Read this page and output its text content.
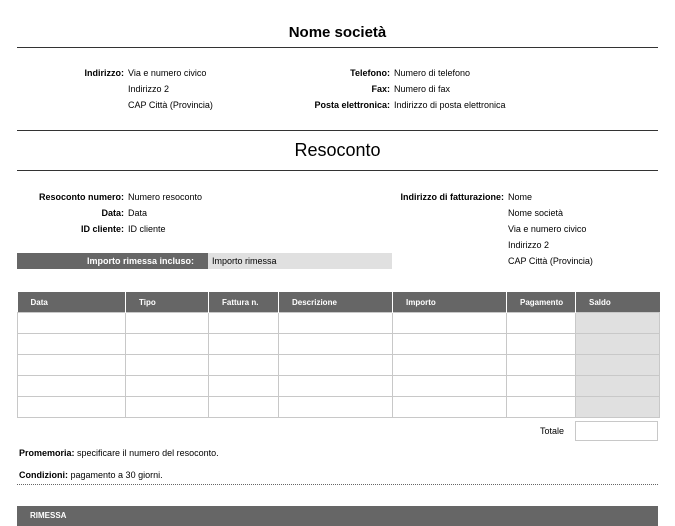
Nome società
Indirizzo: Via e numero civico
Indirizzo 2
CAP Città (Provincia)
Telefono: Numero di telefono
Fax: Numero di fax
Posta elettronica: Indirizzo di posta elettronica
Resoconto
Resoconto numero: Numero resoconto
Data: Data
ID cliente: ID cliente
Indirizzo di fatturazione: Nome
Nome società
Via e numero civico
Indirizzo 2
CAP Città (Provincia)
Importo rimessa incluso:	Importo rimessa
Data	Tipo	Fattura n.	Descrizione	Importo	Pagamento	Saldo

Totale
Promemoria: specificare il numero del resoconto.
Condizioni: pagamento a 30 giorni.
RIMESSA
